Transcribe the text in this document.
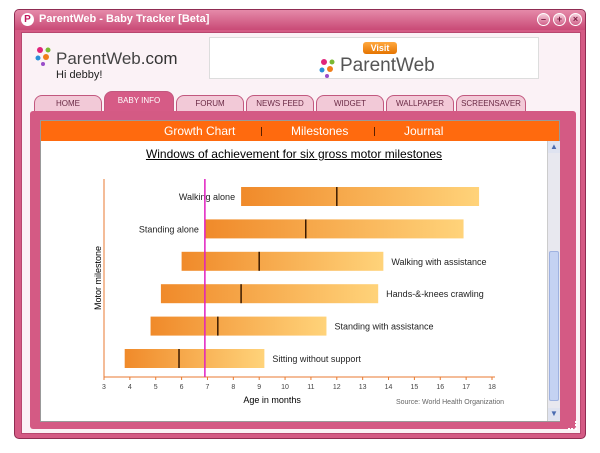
P ParentWeb - Baby Tracker [Beta]	–	+	×
ParentWeb.com
Hi debby!
Visit
ParentWeb
HOME	BABY INFO	FORUM	NEWS FEED	WIDGET	WALLPAPER	SCREENSAVER
Growth Chart	Milestones	Journal
Windows of achievement for six gross motor milestones
Motor milestone
3	4	5	6	7	8	9	10	11	12	13	14	15	16	17	18
Age in months	Source: World Health Organization
Walking alone
Standing alone
Walking with assistance
Hands-&-knees crawling
Standing with assistance
Sitting without support
▲
▼
